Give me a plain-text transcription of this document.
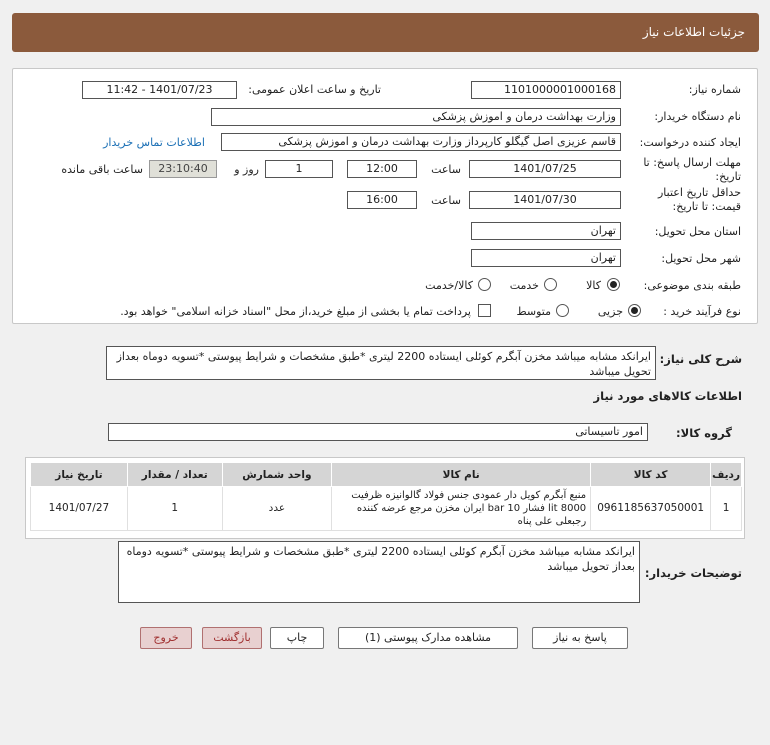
جزئیات اطلاعات نیاز
شماره نیاز:
1101000001000168
تاریخ و ساعت اعلان عمومی:
1401/07/23 - 11:42
نام دستگاه خریدار:
وزارت بهداشت درمان و اموزش پزشکی
ایجاد کننده درخواست:
قاسم عزیزی اصل گیگلو کارپرداز وزارت بهداشت درمان و اموزش پزشکی
اطلاعات تماس خریدار
مهلت ارسال پاسخ: تا تاریخ:
1401/07/25
ساعت
12:00
1
روز و
23:10:40
ساعت باقی مانده
حداقل تاریخ اعتبار قیمت: تا تاریخ:
1401/07/30
ساعت
16:00
استان محل تحویل:
تهران
شهر محل تحویل:
تهران
طبقه بندی موضوعی:
کالا
خدمت
کالا/خدمت
نوع فرآیند خرید :
جزیی
متوسط
پرداخت تمام یا بخشی از مبلغ خرید،از محل "اسناد خزانه اسلامی" خواهد بود.
شرح کلی نیاز:
ایرانکد مشابه میباشد مخزن آبگرم کوئلی ایستاده 2200 لیتری *طبق مشخصات و شرایط پیوستی *تسویه دوماه بعداز تحویل میباشد
اطلاعات کالاهای مورد نیاز
گروه کالا:
امور تاسیساتی
ردیف	کد کالا	نام کالا	واحد شمارش	تعداد / مقدار	تاریخ نیاز
1	0961185637050001	منبع آبگرم کویل دار عمودی جنس فولاد گالوانیزه ظرفیت 8000 lit فشار 10 bar ایران مخزن مرجع عرضه کننده رجبعلی علی پناه	عدد	1	1401/07/27
توضیحات خریدار:
ایرانکد مشابه میباشد مخزن آبگرم کوئلی ایستاده 2200 لیتری *طبق مشخصات و شرایط پیوستی *تسویه دوماه بعداز تحویل میباشد
پاسخ به نیاز
مشاهده مدارک پیوستی (1)
چاپ
بازگشت
خروج
